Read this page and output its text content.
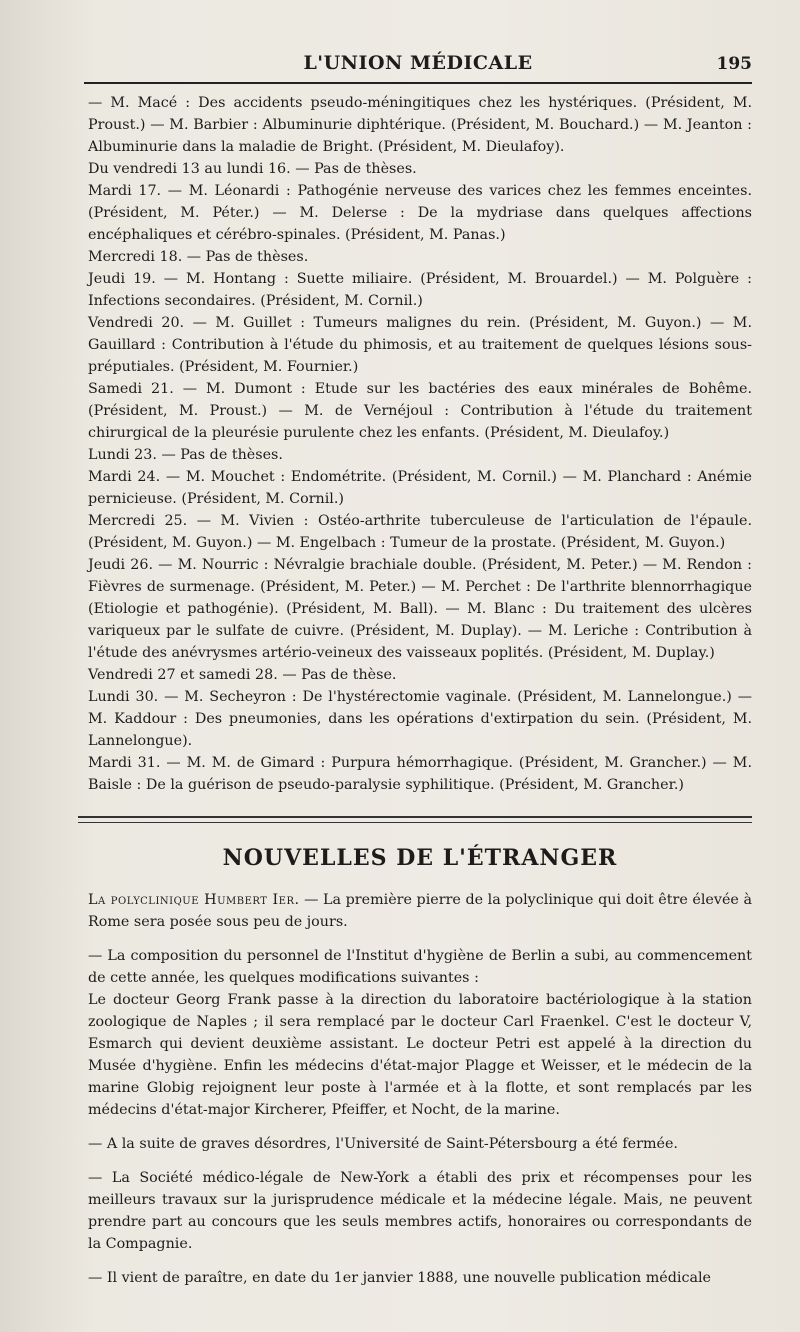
L'UNION MÉDICALE	195

— M. Macé : Des accidents pseudo-méningitiques chez les hystériques. (Président, M. Proust.) — M. Barbier : Albuminurie diphtérique. (Président, M. Bouchard.) — M. Jeanton : Albuminurie dans la maladie de Bright. (Président, M. Dieulafoy).

Du vendredi 13 au lundi 16. — Pas de thèses.

Mardi 17. — M. Léonardi : Pathogénie nerveuse des varices chez les femmes enceintes. (Président, M. Péter.) — M. Delerse : De la mydriase dans quelques affections encéphaliques et cérébro-spinales. (Président, M. Panas.)

Mercredi 18. — Pas de thèses.

Jeudi 19. — M. Hontang : Suette miliaire. (Président, M. Brouardel.) — M. Polguère : Infections secondaires. (Président, M. Cornil.)

Vendredi 20. — M. Guillet : Tumeurs malignes du rein. (Président, M. Guyon.) — M. Gauillard : Contribution à l'étude du phimosis, et au traitement de quelques lésions sous-préputiales. (Président, M. Fournier.)

Samedi 21. — M. Dumont : Etude sur les bactéries des eaux minérales de Bohême. (Président, M. Proust.) — M. de Vernéjoul : Contribution à l'étude du traitement chirurgical de la pleurésie purulente chez les enfants. (Président, M. Dieulafoy.)

Lundi 23. — Pas de thèses.

Mardi 24. — M. Mouchet : Endométrite. (Président, M. Cornil.) — M. Planchard : Anémie pernicieuse. (Président, M. Cornil.)

Mercredi 25. — M. Vivien : Ostéo-arthrite tuberculeuse de l'articulation de l'épaule. (Président, M. Guyon.) — M. Engelbach : Tumeur de la prostate. (Président, M. Guyon.)

Jeudi 26. — M. Nourric : Névralgie brachiale double. (Président, M. Peter.) — M. Rendon : Fièvres de surmenage. (Président, M. Peter.) — M. Perchet : De l'arthrite blennorrhagique (Etiologie et pathogénie). (Président, M. Ball). — M. Blanc : Du traitement des ulcères variqueux par le sulfate de cuivre. (Président, M. Duplay). — M. Leriche : Contribution à l'étude des anévrysmes artério-veineux des vaisseaux poplités. (Président, M. Duplay.)

Vendredi 27 et samedi 28. — Pas de thèse.

Lundi 30. — M. Secheyron : De l'hystérectomie vaginale. (Président, M. Lannelongue.) — M. Kaddour : Des pneumonies, dans les opérations d'extirpation du sein. (Président, M. Lannelongue).

Mardi 31. — M. M. de Gimard : Purpura hémorrhagique. (Président, M. Grancher.) — M. Baisle : De la guérison de pseudo-paralysie syphilitique. (Président, M. Grancher.)

NOUVELLES DE L'ÉTRANGER

La polyclinique Humbert Ier. — La première pierre de la polyclinique qui doit être élevée à Rome sera posée sous peu de jours.

— La composition du personnel de l'Institut d'hygiène de Berlin a subi, au commencement de cette année, les quelques modifications suivantes :

Le docteur Georg Frank passe à la direction du laboratoire bactériologique à la station zoologique de Naples ; il sera remplacé par le docteur Carl Fraenkel. C'est le docteur V, Esmarch qui devient deuxième assistant. Le docteur Petri est appelé à la direction du Musée d'hygiène. Enfin les médecins d'état-major Plagge et Weisser, et le médecin de la marine Globig rejoignent leur poste à l'armée et à la flotte, et sont remplacés par les médecins d'état-major Kircherer, Pfeiffer, et Nocht, de la marine.

— A la suite de graves désordres, l'Université de Saint-Pétersbourg a été fermée.

— La Société médico-légale de New-York a établi des prix et récompenses pour les meilleurs travaux sur la jurisprudence médicale et la médecine légale. Mais, ne peuvent prendre part au concours que les seuls membres actifs, honoraires ou correspondants de la Compagnie.

— Il vient de paraître, en date du 1er janvier 1888, une nouvelle publication médicale
